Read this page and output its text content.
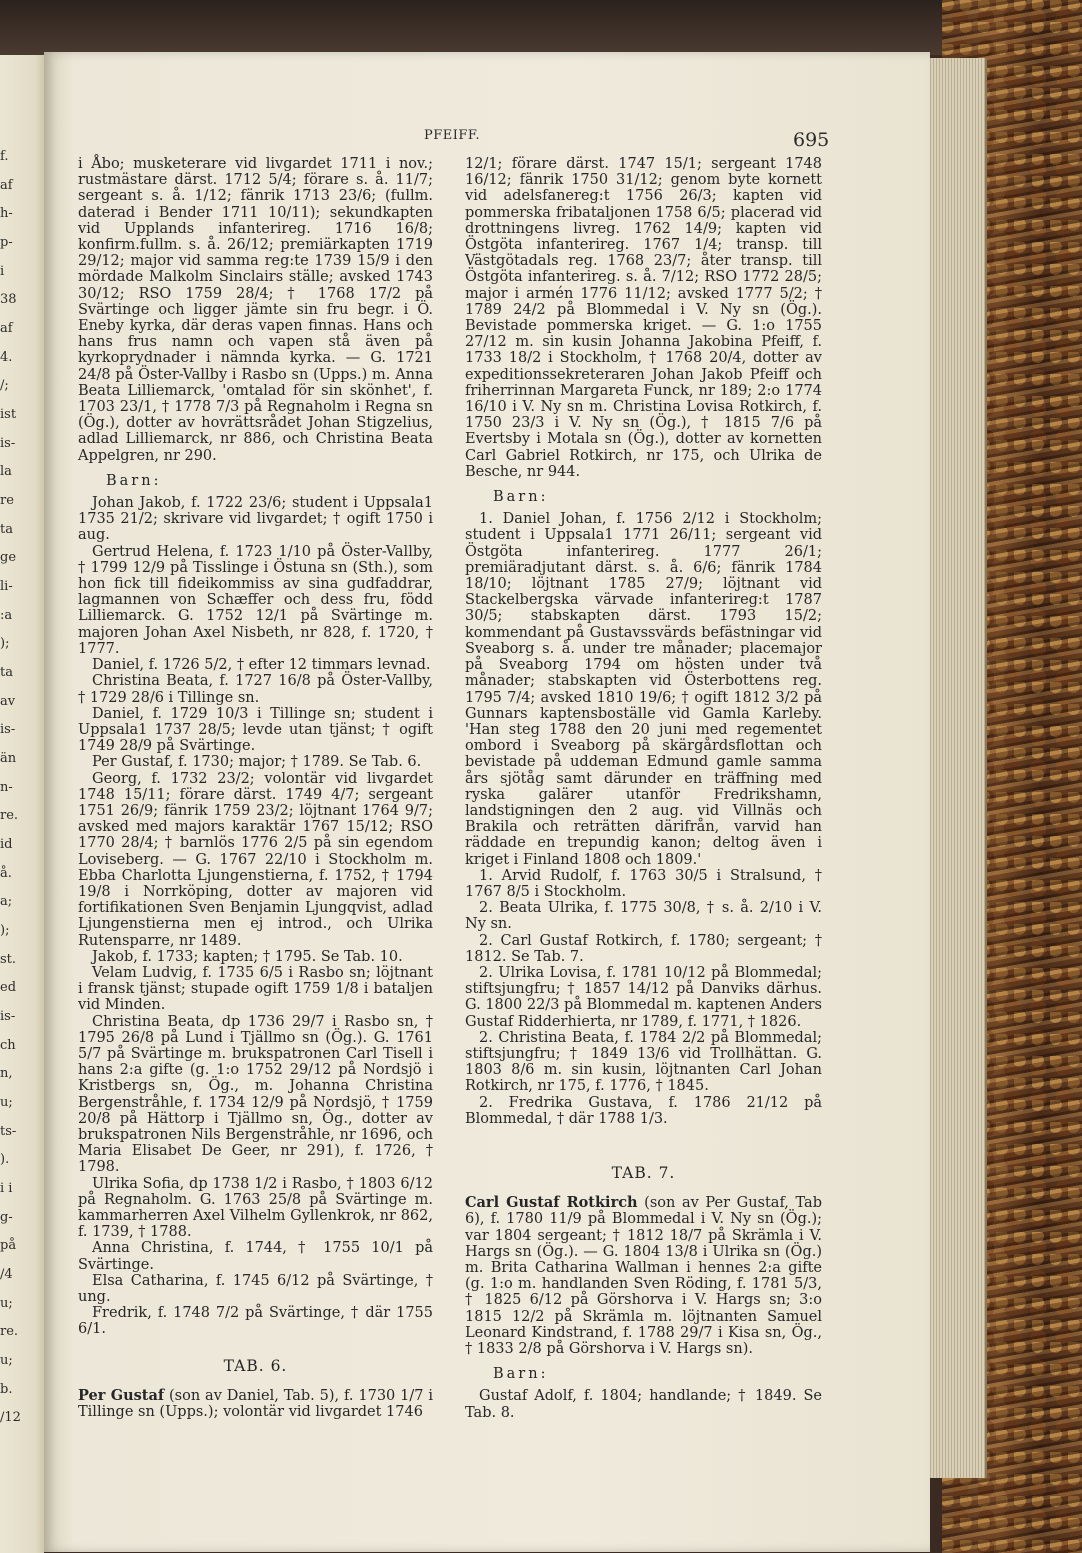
f.
af
h-
p-
i
38
af
4.
/;
ist
is-
la
re
ta
ge
li-
:a
);
ta
av
is-
än
n-
re.
id
å.
a;
);
st.
ed
is-
ch
n,
u;
ts-
).
i i
g-
på
/4
u;
re.
u;
b.
/12
PFEIFF.	695

i Åbo; musketerare vid livgardet 1711 i nov.; rustmästare därst. 1712 5/4; förare s. å. 11/7; sergeant s. å. 1/12; fänrik 1713 23/6; (fullm. daterad i Bender 1711 10/11); sekundkapten vid Upplands infanterireg. 1716 16/8; konfirm.fullm. s. å. 26/12; premiärkapten 1719 29/12; major vid samma reg:te 1739 15/9 i den mördade Malkolm Sinclairs ställe; avsked 1743 30/12; RSO 1759 28/4; † 1768 17/2 på Svärtinge och ligger jämte sin fru begr. i Ö. Eneby kyrka, där deras vapen finnas. Hans och hans frus namn och vapen stå även på kyrkoprydnader i nämnda kyrka. — G. 1721 24/8 på Öster-Vallby i Rasbo sn (Upps.) m. Anna Beata Lilliemarck, 'omtalad för sin skönhet', f. 1703 23/1, † 1778 7/3 på Regnaholm i Regna sn (Ög.), dotter av hovrättsrådet Johan Stigzelius, adlad Lilliemarck, nr 886, och Christina Beata Appelgren, nr 290.

Barn:

Johan Jakob, f. 1722 23/6; student i Uppsala1 1735 21/2; skrivare vid livgardet; † ogift 1750 i aug.

Gertrud Helena, f. 1723 1/10 på Öster-Vallby, † 1799 12/9 på Tisslinge i Östuna sn (Sth.), som hon fick till fideikommiss av sina gudfaddrar, lagmannen von Schæffer och dess fru, född Lilliemarck. G. 1752 12/1 på Svärtinge m. majoren Johan Axel Nisbeth, nr 828, f. 1720, † 1777.

Daniel, f. 1726 5/2, † efter 12 timmars levnad.

Christina Beata, f. 1727 16/8 på Öster-Vallby, † 1729 28/6 i Tillinge sn.

Daniel, f. 1729 10/3 i Tillinge sn; student i Uppsala1 1737 28/5; levde utan tjänst; † ogift 1749 28/9 på Svärtinge.

Per Gustaf, f. 1730; major; † 1789. Se Tab. 6.

Georg, f. 1732 23/2; volontär vid livgardet 1748 15/11; förare därst. 1749 4/7; sergeant 1751 26/9; fänrik 1759 23/2; löjtnant 1764 9/7; avsked med majors karaktär 1767 15/12; RSO 1770 28/4; † barnlös 1776 2/5 på sin egendom Loviseberg. — G. 1767 22/10 i Stockholm m. Ebba Charlotta Ljungenstierna, f. 1752, † 1794 19/8 i Norrköping, dotter av majoren vid fortifikationen Sven Benjamin Ljungqvist, adlad Ljungenstierna men ej introd., och Ulrika Rutensparre, nr 1489.

Jakob, f. 1733; kapten; † 1795. Se Tab. 10.

Velam Ludvig, f. 1735 6/5 i Rasbo sn; löjtnant i fransk tjänst; stupade ogift 1759 1/8 i bataljen vid Minden.

Christina Beata, dp 1736 29/7 i Rasbo sn, † 1795 26/8 på Lund i Tjällmo sn (Ög.). G. 1761 5/7 på Svärtinge m. brukspatronen Carl Tisell i hans 2:a gifte (g. 1:o 1752 29/12 på Nordsjö i Kristbergs sn, Ög., m. Johanna Christina Bergenstråhle, f. 1734 12/9 på Nordsjö, † 1759 20/8 på Hättorp i Tjällmo sn, Ög., dotter av brukspatronen Nils Bergenstråhle, nr 1696, och Maria Elisabet De Geer, nr 291), f. 1726, † 1798.

Ulrika Sofia, dp 1738 1/2 i Rasbo, † 1803 6/12 på Regnaholm. G. 1763 25/8 på Svärtinge m. kammarherren Axel Vilhelm Gyllenkrok, nr 862, f. 1739, † 1788.

Anna Christina, f. 1744, † 1755 10/1 på Svärtinge.

Elsa Catharina, f. 1745 6/12 på Svärtinge, † ung.

Fredrik, f. 1748 7/2 på Svärtinge, † där 1755 6/1.

TAB. 6.

Per Gustaf (son av Daniel, Tab. 5), f. 1730 1/7 i Tillinge sn (Upps.); volontär vid livgardet 1746

12/1; förare därst. 1747 15/1; sergeant 1748 16/12; fänrik 1750 31/12; genom byte kornett vid adelsfanereg:t 1756 26/3; kapten vid pommerska fribataljonen 1758 6/5; placerad vid drottningens livreg. 1762 14/9; kapten vid Östgöta infanterireg. 1767 1/4; transp. till Västgötadals reg. 1768 23/7; åter transp. till Östgöta infanterireg. s. å. 7/12; RSO 1772 28/5; major i armén 1776 11/12; avsked 1777 5/2; † 1789 24/2 på Blommedal i V. Ny sn (Ög.). Bevistade pommerska kriget. — G. 1:o 1755 27/12 m. sin kusin Johanna Jakobina Pfeiff, f. 1733 18/2 i Stockholm, † 1768 20/4, dotter av expeditionssekreteraren Johan Jakob Pfeiff och friherrinnan Margareta Funck, nr 189; 2:o 1774 16/10 i V. Ny sn m. Christina Lovisa Rotkirch, f. 1750 23/3 i V. Ny sn (Ög.), † 1815 7/6 på Evertsby i Motala sn (Ög.), dotter av kornetten Carl Gabriel Rotkirch, nr 175, och Ulrika de Besche, nr 944.

Barn:

1. Daniel Johan, f. 1756 2/12 i Stockholm; student i Uppsala1 1771 26/11; sergeant vid Östgöta infanterireg. 1777 26/1; premiäradjutant därst. s. å. 6/6; fänrik 1784 18/10; löjtnant 1785 27/9; löjtnant vid Stackelbergska värvade infanterireg:t 1787 30/5; stabskapten därst. 1793 15/2; kommendant på Gustavssvärds befästningar vid Sveaborg s. å. under tre månader; placemajor på Sveaborg 1794 om hösten under två månader; stabskapten vid Österbottens reg. 1795 7/4; avsked 1810 19/6; † ogift 1812 3/2 på Gunnars kaptensboställe vid Gamla Karleby. 'Han steg 1788 den 20 juni med regementet ombord i Sveaborg på skärgårdsflottan och bevistade på uddeman Edmund gamle samma års sjötåg samt därunder en träffning med ryska galärer utanför Fredrikshamn, landstigningen den 2 aug. vid Villnäs och Brakila och reträtten därifrån, varvid han räddade en trepundig kanon; deltog även i kriget i Finland 1808 och 1809.'

1. Arvid Rudolf, f. 1763 30/5 i Stralsund, † 1767 8/5 i Stockholm.

2. Beata Ulrika, f. 1775 30/8, † s. å. 2/10 i V. Ny sn.

2. Carl Gustaf Rotkirch, f. 1780; sergeant; † 1812. Se Tab. 7.

2. Ulrika Lovisa, f. 1781 10/12 på Blommedal; stiftsjungfru; † 1857 14/12 på Danviks därhus. G. 1800 22/3 på Blommedal m. kaptenen Anders Gustaf Ridderhierta, nr 1789, f. 1771, † 1826.

2. Christina Beata, f. 1784 2/2 på Blommedal; stiftsjungfru; † 1849 13/6 vid Trollhättan. G. 1803 8/6 m. sin kusin, löjtnanten Carl Johan Rotkirch, nr 175, f. 1776, † 1845.

2. Fredrika Gustava, f. 1786 21/12 på Blommedal, † där 1788 1/3.

TAB. 7.

Carl Gustaf Rotkirch (son av Per Gustaf, Tab 6), f. 1780 11/9 på Blommedal i V. Ny sn (Ög.); var 1804 sergeant; † 1812 18/7 på Skrämla i V. Hargs sn (Ög.). — G. 1804 13/8 i Ulrika sn (Ög.) m. Brita Catharina Wallman i hennes 2:a gifte (g. 1:o m. handlanden Sven Röding, f. 1781 5/3, † 1825 6/12 på Görshorva i V. Hargs sn; 3:o 1815 12/2 på Skrämla m. löjtnanten Samuel Leonard Kindstrand, f. 1788 29/7 i Kisa sn, Ög., † 1833 2/8 på Görshorva i V. Hargs sn).

Barn:

Gustaf Adolf, f. 1804; handlande; † 1849. Se Tab. 8.
